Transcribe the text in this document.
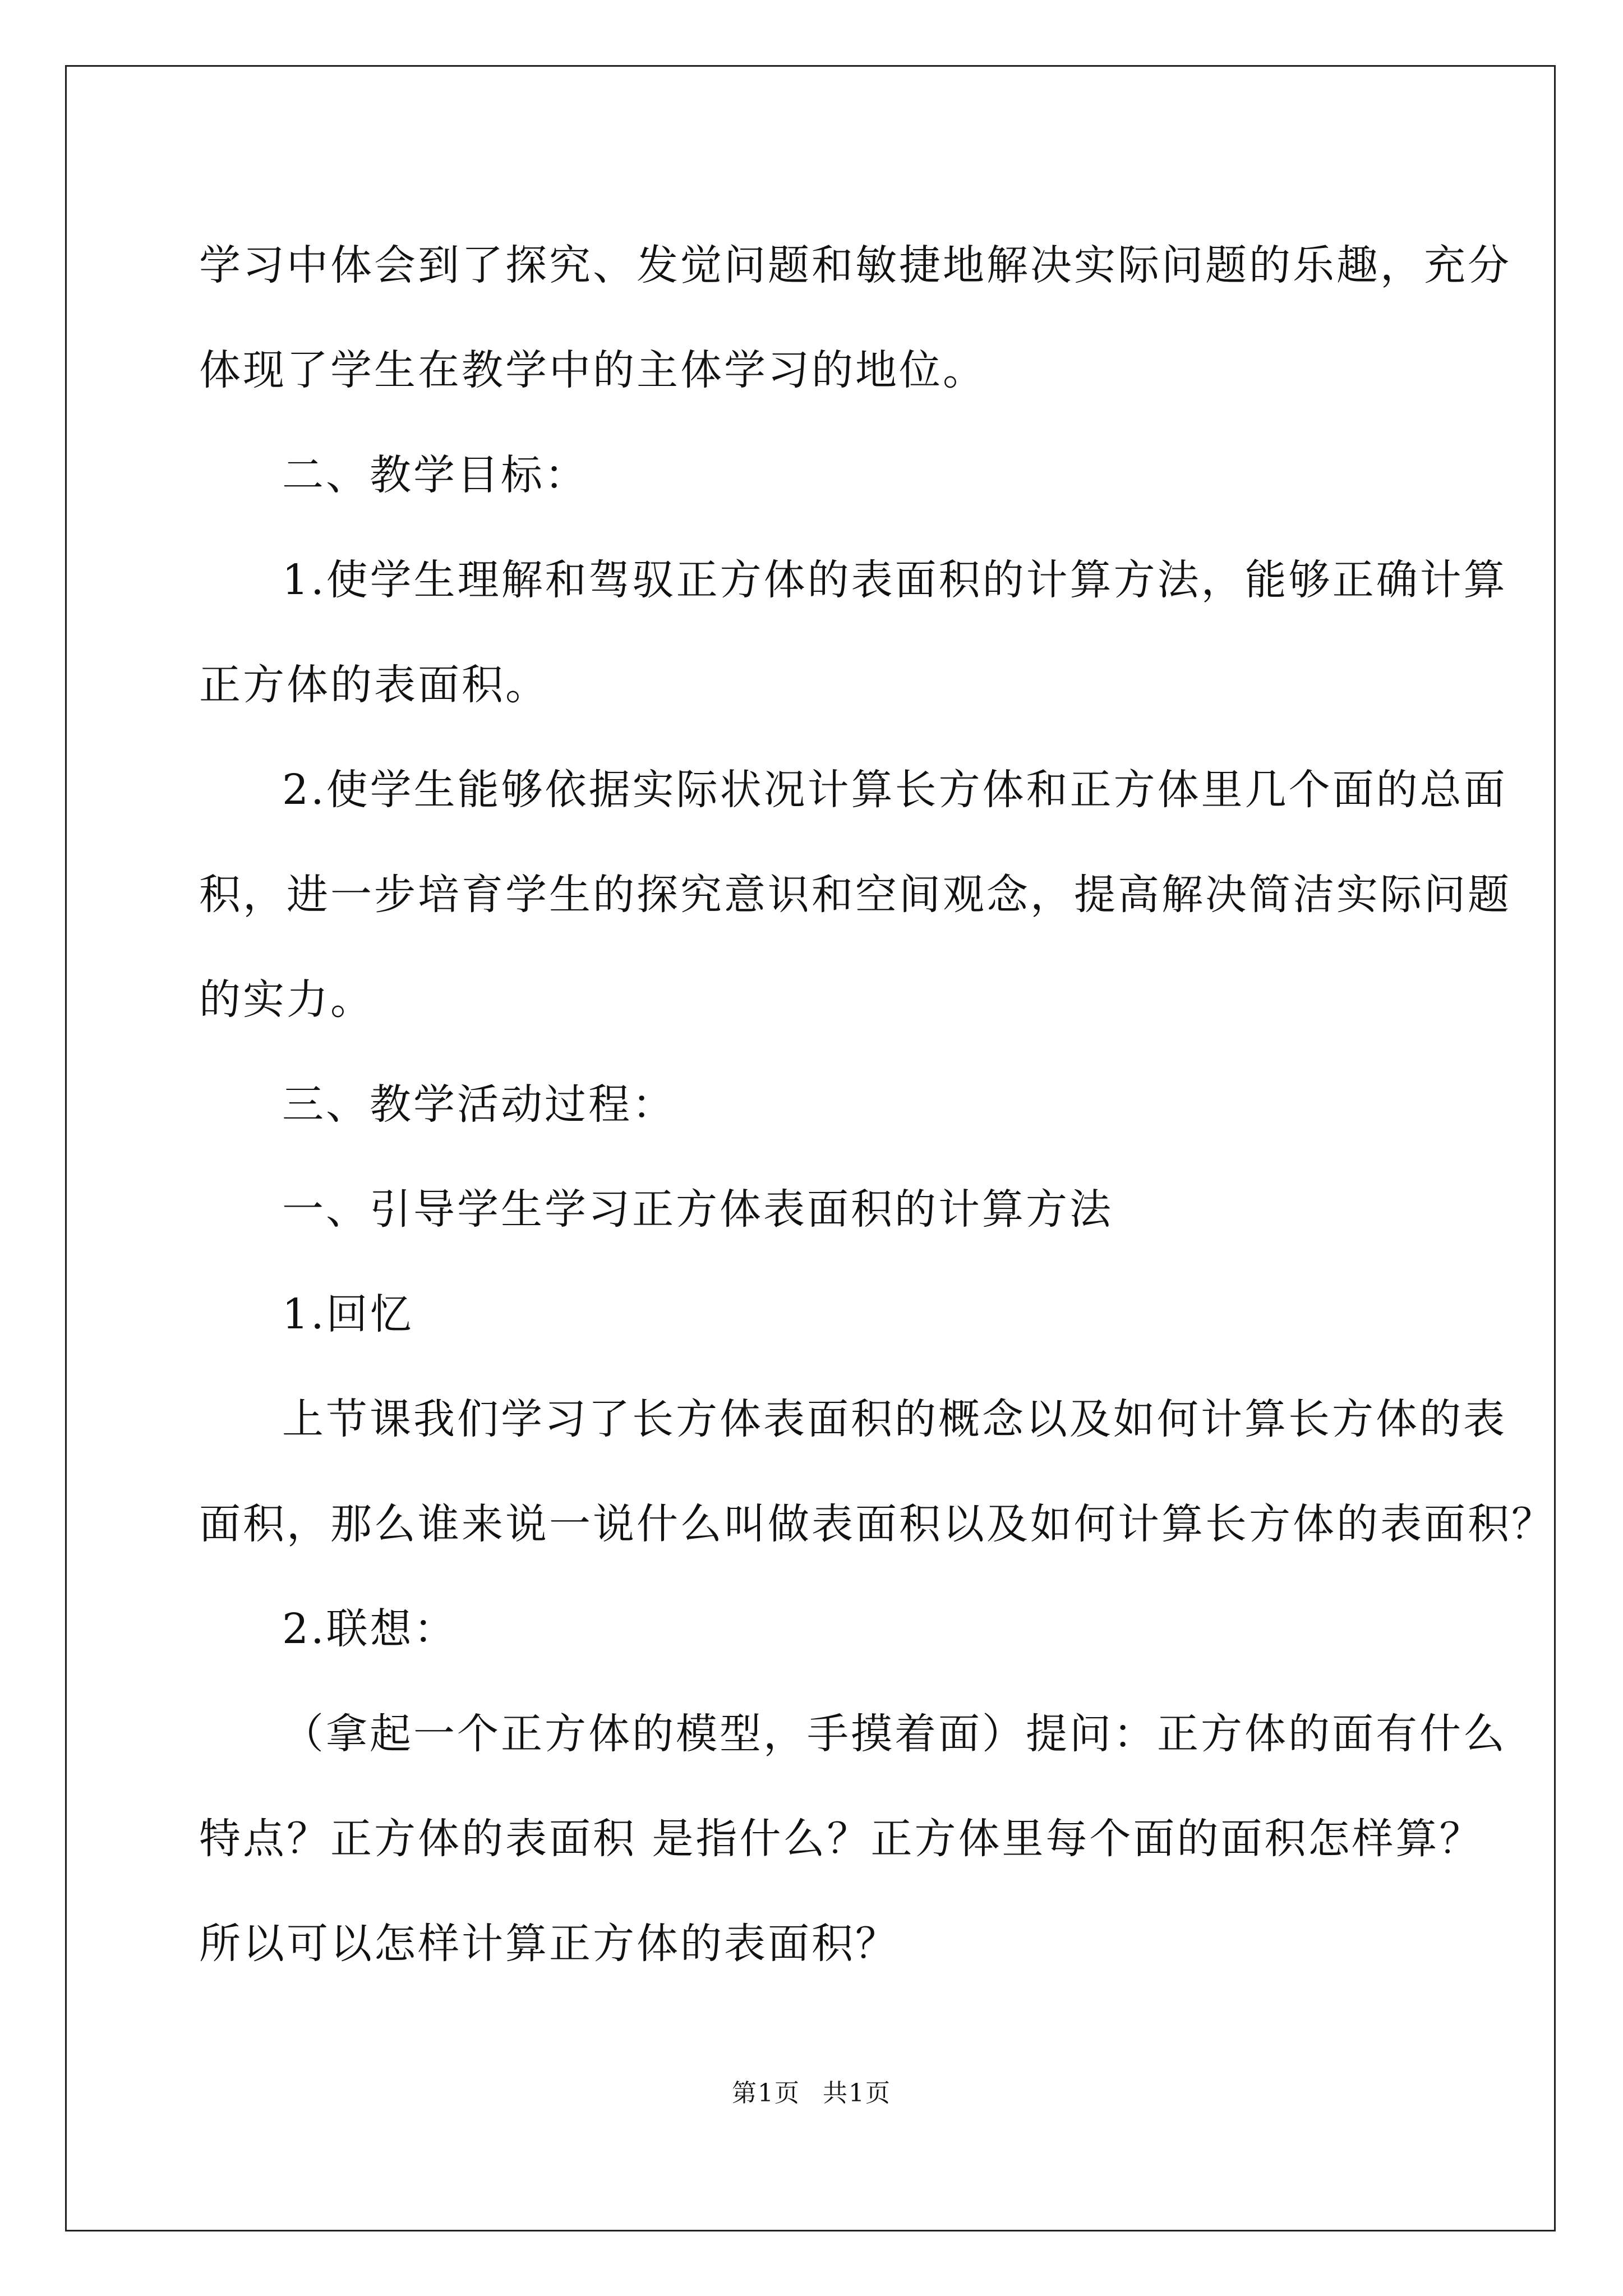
学习中体会到了探究、发觉问题和敏捷地解决实际问题的乐趣，充分

体现了学生在教学中的主体学习的地位。

二、教学目标：

1.使学生理解和驾驭正方体的表面积的计算方法，能够正确计算

正方体的表面积。

2.使学生能够依据实际状况计算长方体和正方体里几个面的总面

积，进一步培育学生的探究意识和空间观念，提高解决简洁实际问题

的实力。

三、教学活动过程：

一、引导学生学习正方体表面积的计算方法

1.回忆

上节课我们学习了长方体表面积的概念以及如何计算长方体的表

面积，那么谁来说一说什么叫做表面积以及如何计算长方体的表面积？

2.联想：

（拿起一个正方体的模型，手摸着面）提问：正方体的面有什么

特点？正方体的表面积 是指什么？正方体里每个面的面积怎样算？

所以可以怎样计算正方体的表面积？

第1页 共1页
